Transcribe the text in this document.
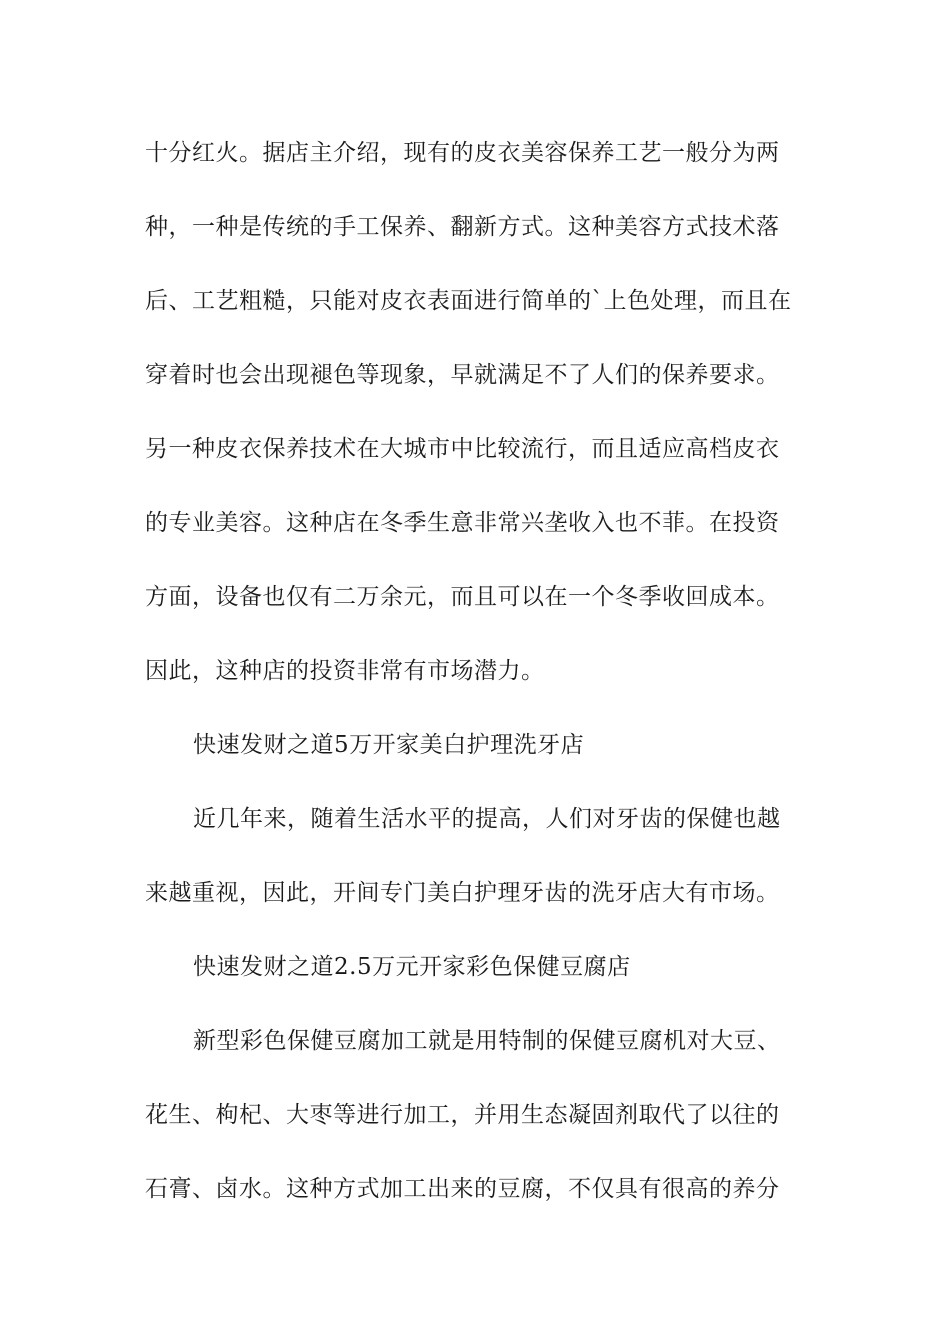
十分红火。据店主介绍，现有的皮衣美容保养工艺一般分为两
种，一种是传统的手工保养、翻新方式。这种美容方式技术落
后、工艺粗糙，只能对皮衣表面进行简单的`上色处理，而且在
穿着时也会出现褪色等现象，早就满足不了人们的保养要求。
另一种皮衣保养技术在大城市中比较流行，而且适应高档皮衣
的专业美容。这种店在冬季生意非常兴垄收入也不菲。在投资
方面，设备也仅有二万余元，而且可以在一个冬季收回成本。
因此，这种店的投资非常有市场潜力。
快速发财之道5万开家美白护理洗牙店
近几年来，随着生活水平的提高，人们对牙齿的保健也越
来越重视，因此，开间专门美白护理牙齿的洗牙店大有市场。
快速发财之道2.5万元开家彩色保健豆腐店
新型彩色保健豆腐加工就是用特制的保健豆腐机对大豆、
花生、枸杞、大枣等进行加工，并用生态凝固剂取代了以往的
石膏、卤水。这种方式加工出来的豆腐，不仅具有很高的养分
